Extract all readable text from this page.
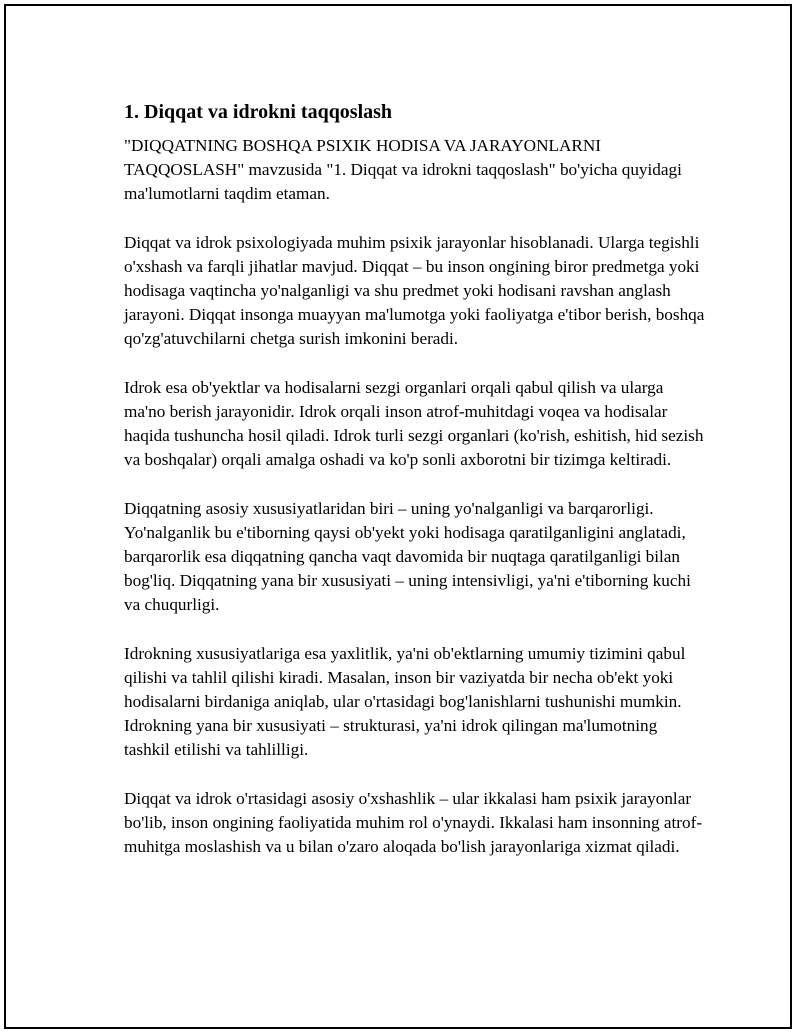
1. Diqqat va idrokni taqqoslash

"DIQQATNING BOSHQA PSIXIK HODISA VA JARAYONLARNI TAQQOSLASH" mavzusida "1. Diqqat va idrokni taqqoslash" bo'yicha quyidagi ma'lumotlarni taqdim etaman.

Diqqat va idrok psixologiyada muhim psixik jarayonlar hisoblanadi. Ularga tegishli o'xshash va farqli jihatlar mavjud. Diqqat – bu inson ongining biror predmetga yoki hodisaga vaqtincha yo'nalganligi va shu predmet yoki hodisani ravshan anglash jarayoni. Diqqat insonga muayyan ma'lumotga yoki faoliyatga e'tibor berish, boshqa qo'zg'atuvchilarni chetga surish imkonini beradi.

Idrok esa ob'yektlar va hodisalarni sezgi organlari orqali qabul qilish va ularga ma'no berish jarayonidir. Idrok orqali inson atrof-muhitdagi voqea va hodisalar haqida tushuncha hosil qiladi. Idrok turli sezgi organlari (ko'rish, eshitish, hid sezish va boshqalar) orqali amalga oshadi va ko'p sonli axborotni bir tizimga keltiradi.

Diqqatning asosiy xususiyatlaridan biri – uning yo'nalganligi va barqarorligi. Yo'nalganlik bu e'tiborning qaysi ob'yekt yoki hodisaga qaratilganligini anglatadi, barqarorlik esa diqqatning qancha vaqt davomida bir nuqtaga qaratilganligi bilan bog'liq. Diqqatning yana bir xususiyati – uning intensivligi, ya'ni e'tiborning kuchi va chuqurligi.

Idrokning xususiyatlariga esa yaxlitlik, ya'ni ob'ektlarning umumiy tizimini qabul qilishi va tahlil qilishi kiradi. Masalan, inson bir vaziyatda bir necha ob'ekt yoki hodisalarni birdaniga aniqlab, ular o'rtasidagi bog'lanishlarni tushunishi mumkin. Idrokning yana bir xususiyati – strukturasi, ya'ni idrok qilingan ma'lumotning tashkil etilishi va tahlilligi.

Diqqat va idrok o'rtasidagi asosiy o'xshashlik – ular ikkalasi ham psixik jarayonlar bo'lib, inson ongining faoliyatida muhim rol o'ynaydi. Ikkalasi ham insonning atrof-muhitga moslashish va u bilan o'zaro aloqada bo'lish jarayonlariga xizmat qiladi.
